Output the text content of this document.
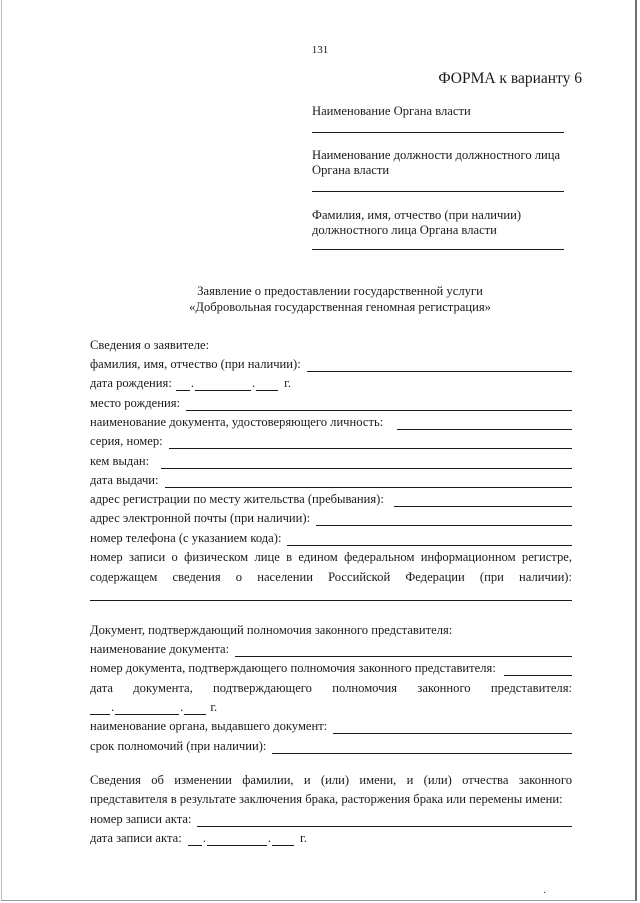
131
ФОРМА к варианту 6
Наименование Органа власти
Наименование должности должностного лица Органа власти
Фамилия, имя, отчество (при наличии) должностного лица Органа власти
Заявление о предоставлении государственной услуги
«Добровольная государственная геномная регистрация»
Сведения о заявителе:
фамилия, имя, отчество (при наличии):
дата рождения: .	. г.
место рождения:
наименование документа, удостоверяющего личность:
серия, номер:
кем выдан:
дата выдачи:
адрес регистрации по месту жительства (пребывания):
адрес электронной почты (при наличии):
номер телефона (с указанием кода):
номер записи о физическом лице в едином федеральном информационном регистре,
содержащем сведения о населении Российской Федерации (при наличии):
Документ, подтверждающий полномочия законного представителя:
наименование документа:
номер документа, подтверждающего полномочия законного представителя:
дата документа, подтверждающего полномочия законного представителя:
.	. г.
наименование органа, выдавшего документ:
срок полномочий (при наличии):
Сведения об изменении фамилии, и (или) имени, и (или) отчества законного
представителя в результате заключения брака, расторжения брака или перемены имени:
номер записи акта:
дата записи акта: .	. г.
·
